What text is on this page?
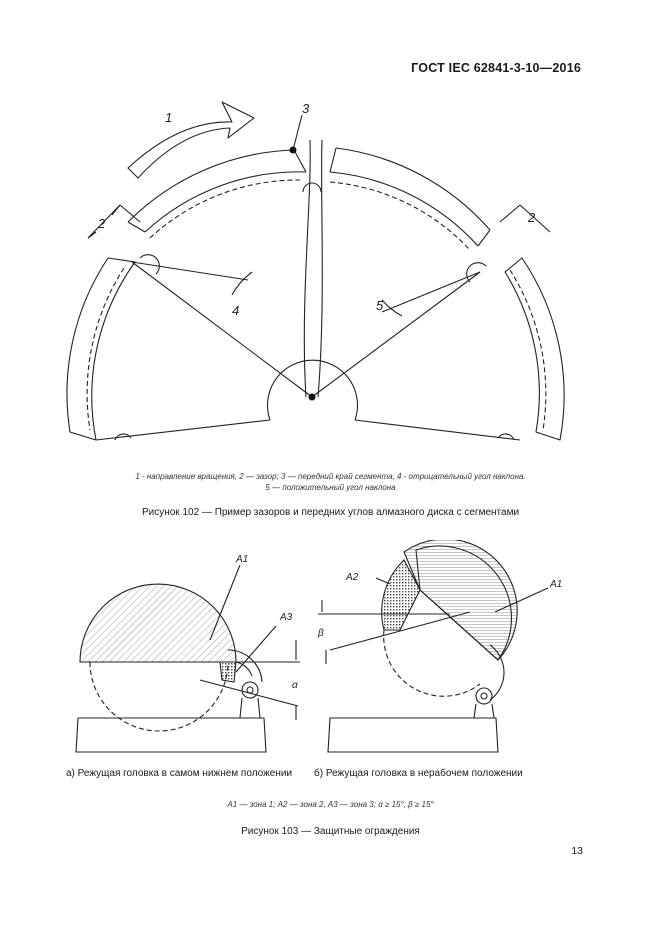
ГОСТ IEC 62841-3-10—2016
1
2	2
3
4	5
1 - направление вращения, 2 — зазор; 3 — передний край сегмента, 4 - отрицательный угол наклона.
5 — положительный угол наклона
Рисунок 102 — Пример зазоров и передних углов алмазного диска с сегментами
A1
A3
α
A2
A1
β
а) Режущая головка в самом нижнем положении б) Режущая головка в нерабочем положении
A1 — зона 1; A2 — зона 2, A3 — зона 3; α ≥ 15°; β ≥ 15°
Рисунок 103 — Защитные ограждения
13
